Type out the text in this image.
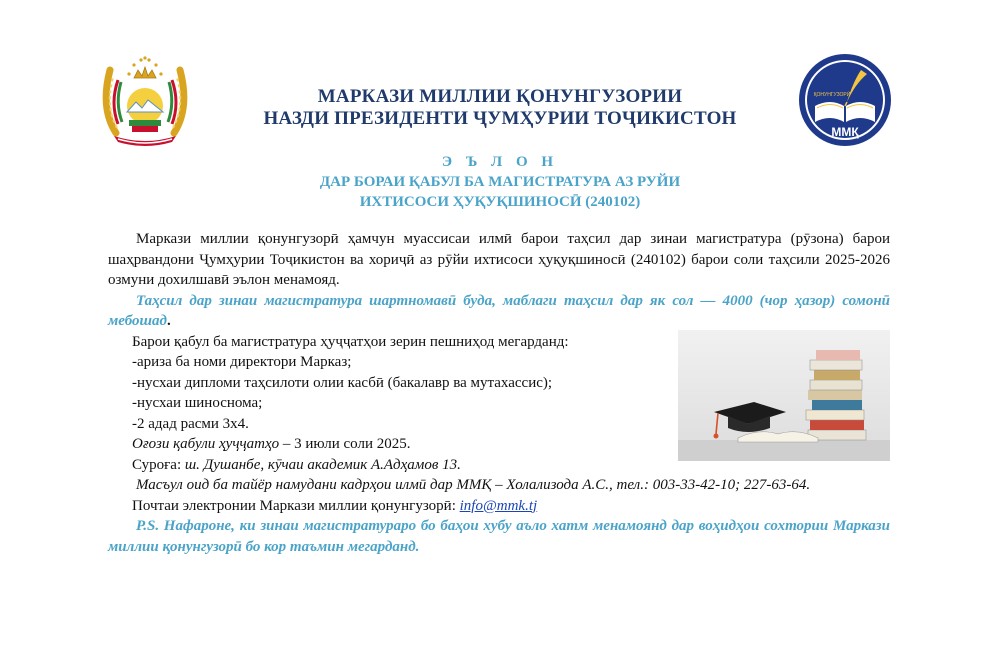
ҚОНУНГУЗОРӢ
ММҚ
МАРКАЗИ МИЛЛИИ ҚОНУНГУЗОРИИ
НАЗДИ ПРЕЗИДЕНТИ ҶУМҲУРИИ ТОҶИКИСТОН
Э Ъ Л О Н
ДАР БОРАИ ҚАБУЛ БА МАГИСТРАТУРА АЗ РУЙИ
ИХТИСОСИ ҲУҚУҚШИНОСӢ (240102)
Маркази миллии қонунгузорӣ ҳамчун муассисаи илмӣ барои таҳсил дар зинаи магистратура (рӯзона) барои шаҳрвандони Ҷумҳурии Тоҷикистон ва хориҷӣ аз рӯйи ихтисоси ҳуқуқшиносӣ (240102) барои соли таҳсили 2025-2026 озмуни дохилшавӣ эълон менамояд.
Таҳсил дар зинаи магистратура шартномавӣ буда, маблаги таҳсил дар як сол — 4000 (чор ҳазор) сомонӣ мебошад.
Барои қабул ба магистратура ҳуҷҷатҳои зерин пешниҳод мегарданд:
-ариза ба номи директори Марказ;
-нусхаи дипломи таҳсилоти олии касбӣ (бакалавр ва мутахассис);
-нусхаи шиноснома;
-2 адад расми 3х4.
Оғози қабули ҳуҷҷатҳо – 3 июли соли 2025.
Суроға: ш. Душанбе, кӯчаи академик А.Адҳамов 13.
Масъул оид ба тайёр намудани кадрҳои илмӣ дар ММҚ – Холализода А.С., тел.: 003-33-42-10; 227-63-64.
Почтаи электронии Маркази миллии қонунгузорӣ: info@mmk.tj
P.S. Нафароне, ки зинаи магистратураро бо баҳои хубу аъло хатм менамоянд дар воҳидҳои сохтории Маркази миллии қонунгузорӣ бо кор таъмин мегарданд.
